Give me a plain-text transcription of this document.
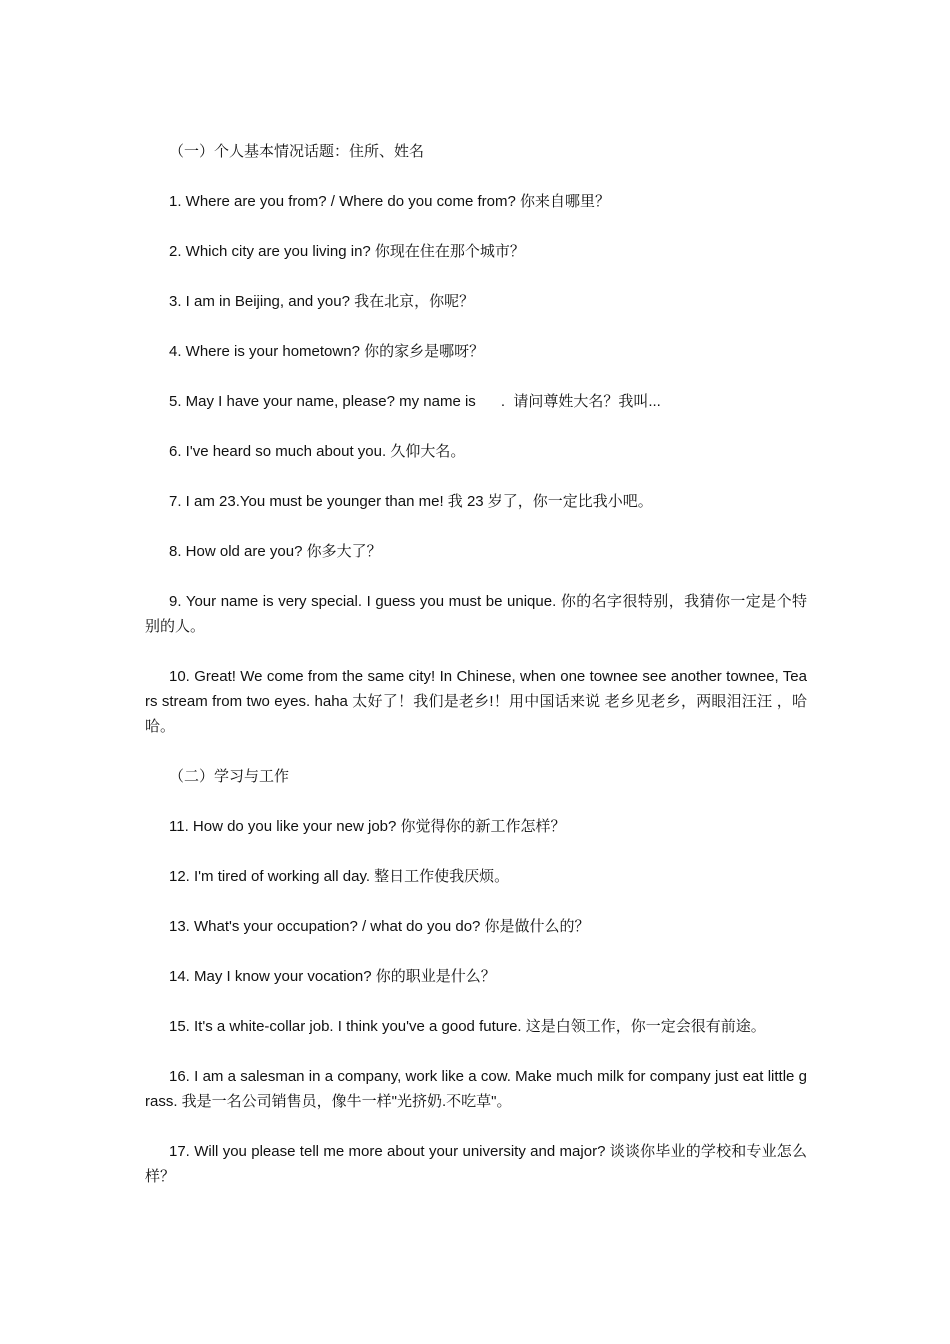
（一）个人基本情况话题：住所、姓名

1. Where are you from? / Where do you come from? 你来自哪里？

2. Which city are you living in? 你现在住在那个城市？

3. I am in Beijing, and you? 我在北京，你呢？

4. Where is your hometown? 你的家乡是哪呀？

5. May I have your name, please? my name is      .  请问尊姓大名？我叫...

6. I've heard so much about you. 久仰大名。

7. I am 23.You must be younger than me! 我 23 岁了，你一定比我小吧。

8. How old are you? 你多大了？

9. Your name is very special. I guess you must be unique. 你的名字很特别，我猜你一定是个特别的人。

10. Great! We come from the same city! In Chinese, when one townee see another townee, Tears stream from two eyes. haha 太好了！我们是老乡!！用中国话来说 老乡见老乡，两眼泪汪汪 ，哈哈。

（二）学习与工作

11. How do you like your new job? 你觉得你的新工作怎样？

12. I'm tired of working all day. 整日工作使我厌烦。

13. What's your occupation? / what do you do? 你是做什么的？

14. May I know your vocation? 你的职业是什么？

15. It's a white-collar job. I think you've a good future. 这是白领工作，你一定会很有前途。

16. I am a salesman in a company, work like a cow. Make much milk for company just eat little grass. 我是一名公司销售员，像牛一样"光挤奶.不吃草"。

17. Will you please tell me more about your university and major? 谈谈你毕业的学校和专业怎么样？
